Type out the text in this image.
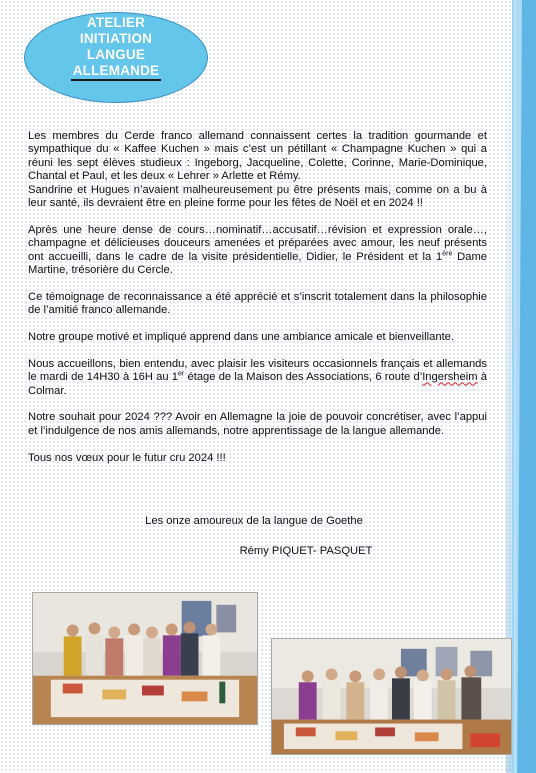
ATELIER
INITIATION
LANGUE
ALLEMANDE

Les membres du Cerde franco allemand connaissent certes la tradition gourmande et sympathique du « Kaffee Kuchen » mais c’est un pétillant « Champagne Kuchen » qui a réuni les sept élèves studieux : Ingeborg, Jacqueline, Colette, Corinne, Marie-Dominique, Chantal et Paul, et les deux « Lehrer » Arlette et Rémy.

Sandrine et Hugues n’avaient malheureusement pu être présents mais, comme on a bu à leur santé, ils devraient être en pleine forme pour les fêtes de Noël et en 2024 !!

Après une heure dense de cours…nominatif…accusatif…révision et expression orale…, champagne et délicieuses douceurs amenées et préparées avec amour, les neuf présents ont accueilli, dans le cadre de la visite présidentielle, Didier, le Président et la 1ère Dame Martine, trésorière du Cercle.

Ce témoignage de reconnaissance a été apprécié et s’inscrit totalement dans la philosophie de l’amitié franco allemande.

Notre groupe motivé et impliqué apprend dans une ambiance amicale et bienveillante.

Nous accueillons, bien entendu, avec plaisir les visiteurs occasionnels français et allemands le mardi de 14H30 à 16H au 1er étage de la Maison des Associations, 6 route d’Ingersheim à Colmar.

Notre souhait pour 2024 ??? Avoir en Allemagne la joie de pouvoir concrétiser, avec l’appui et l’indulgence de nos amis allemands, notre apprentissage de la langue allemande.

Tous nos vœux pour le futur cru 2024 !!!

Les onze amoureux de la langue de Goethe
Rémy PIQUET- PASQUET
